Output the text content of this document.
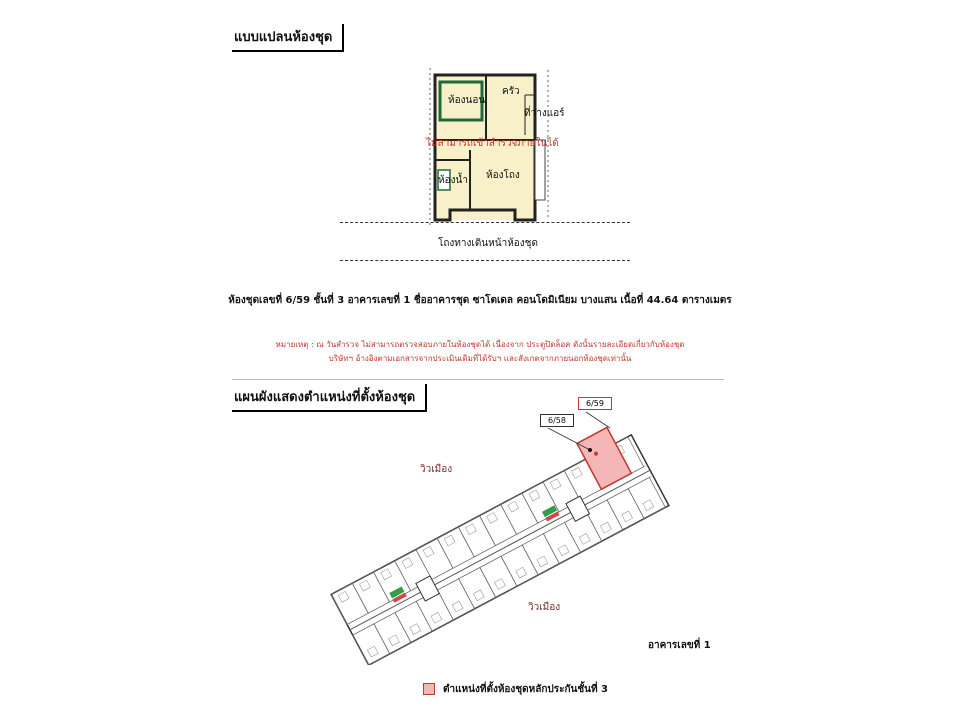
แบบแปลนห้องชุด
ห้องนอน
ครัว
ที่วางแอร์
ไม่สามารถเข้าสำรวจภายในได้
ห้องน้ำ ห้องโถง
โถงทางเดินหน้าห้องชุด
ห้องชุดเลขที่ 6/59 ชั้นที่ 3 อาคารเลขที่ 1 ชื่ออาคารชุด ซาโตเดล คอนโดมิเนียม บางแสน เนื้อที่ 44.64 ตารางเมตร
หมายเหตุ : ณ วันสำรวจ ไม่สามารถตรวจสอบภายในห้องชุดได้ เนื่องจาก ประตูปิดล็อค ดังนั้นรายละเอียดเกี่ยวกับห้องชุด
บริษัทฯ อ้างอิงตามเอกสารจากประเมินเดิมที่ได้รับฯ และสังเกตจากภายนอกห้องชุดเท่านั้น
แผนผังแสดงตำแหน่งที่ตั้งห้องชุด	6/59
6/58
วิวเมือง
วิวเมือง
อาคารเลขที่ 1
ตำแหน่งที่ตั้งห้องชุดหลักประกันชั้นที่ 3
